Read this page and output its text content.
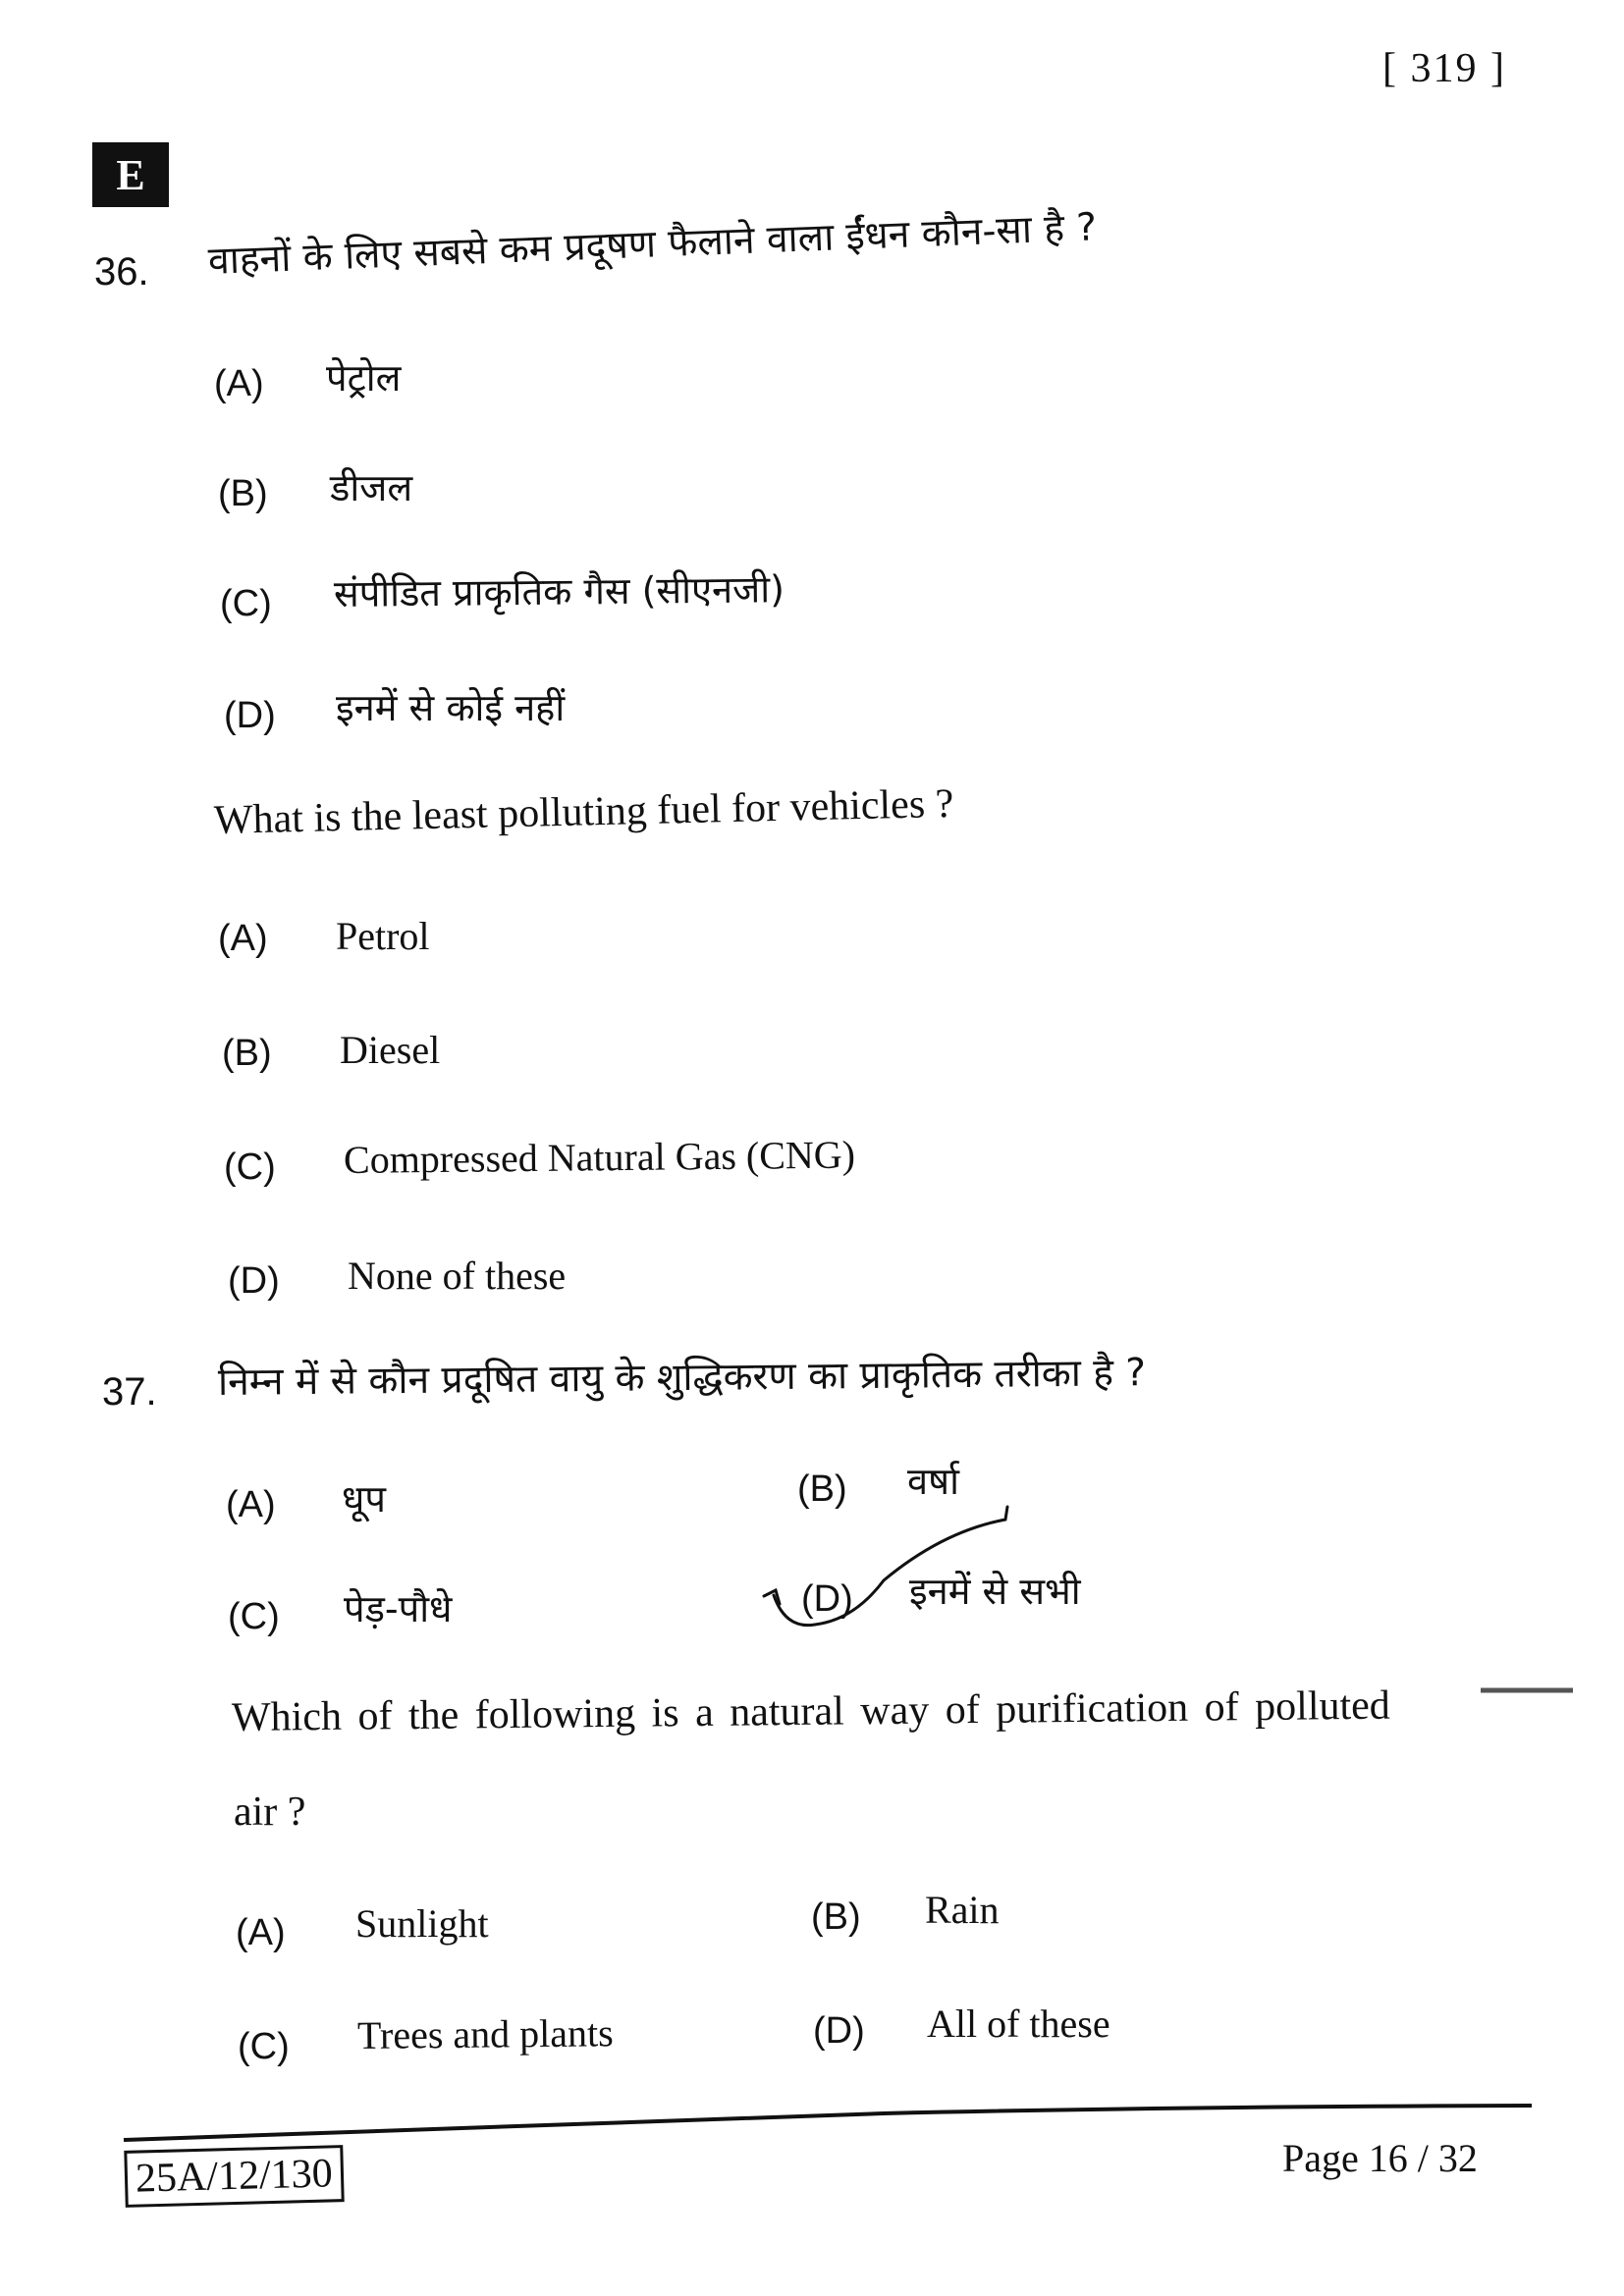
[ 319 ]
E
36. वाहनों के लिए सबसे कम प्रदूषण फैलाने वाला ईंधन कौन-सा है ?
(A) पेट्रोल
(B) डीजल
(C) संपीडित प्राकृतिक गैस (सीएनजी)
(D) इनमें से कोई नहीं
What is the least polluting fuel for vehicles ?
(A) Petrol
(B) Diesel
(C) Compressed Natural Gas (CNG)
(D) None of these
37. निम्न में से कौन प्रदूषित वायु के शुद्धिकरण का प्राकृतिक तरीका है ?
(A) धूप	(B) वर्षा
(C) पेड़-पौधे	(D) इनमें से सभी
Which of the following is a natural way of purification of polluted
air ?
(A) Sunlight	(B) Rain
(C) Trees and plants	(D) All of these
25A/12/130	Page 16 / 32
